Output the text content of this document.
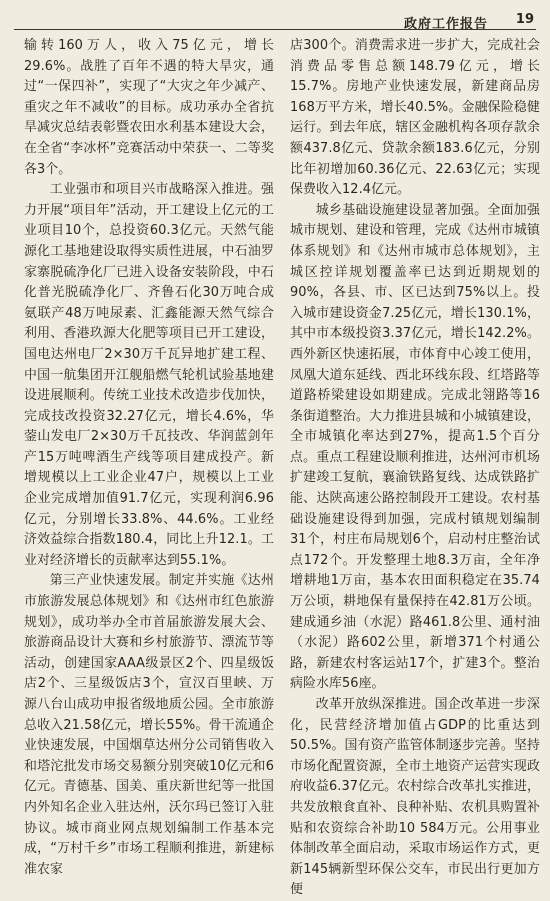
政府工作报告 19

输转160万人，收入75亿元，增长29.6%。战胜了百年不遇的特大旱灾，通过“一保四补”，实现了“大灾之年少减产、重灾之年不减收”的目标。成功承办全省抗旱减灾总结表彰暨农田水利基本建设大会，在全省“李冰杯”竞赛活动中荣获一、二等奖各3个。

工业强市和项目兴市战略深入推进。强力开展“项目年”活动，开工建设上亿元的工业项目10个，总投资60.3亿元。天然气能源化工基地建设取得实质性进展，中石油罗家寨脱硫净化厂已进入设备安装阶段，中石化普光脱硫净化厂、齐鲁石化30万吨合成氨联产48万吨尿素、汇鑫能源天然气综合利用、香港玖源大化肥等项目已开工建设，国电达州电厂2×30万千瓦异地扩建工程、中国一航集团开江舰船燃气轮机试验基地建设进展顺利。传统工业技术改造步伐加快，完成技改投资32.27亿元，增长4.6%，华蓥山发电厂2×30万千瓦技改、华润蓝剑年产15万吨啤酒生产线等项目建成投产。新增规模以上工业企业47户，规模以上工业企业完成增加值91.7亿元，实现利润6.96亿元，分别增长33.8%、44.6%。工业经济效益综合指数180.4，同比上升12.1。工业对经济增长的贡献率达到55.1%。

第三产业快速发展。制定并实施《达州市旅游发展总体规划》和《达州市红色旅游规划》，成功举办全市首届旅游发展大会、旅游商品设计大赛和乡村旅游节、漂流节等活动，创建国家AAA级景区2个、四星级饭店2个、三星级饭店3个，宣汉百里峡、万源八台山成功申报省级地质公园。全市旅游总收入21.58亿元，增长55%。骨干流通企业快速发展，中国烟草达州分公司销售收入和塔沱批发市场交易额分别突破10亿元和6亿元。青德基、国美、重庆新世纪等一批国内外知名企业入驻达州，沃尔玛已签订入驻协议。城市商业网点规划编制工作基本完成，“万村千乡”市场工程顺利推进，新建标准农家

店300个。消费需求进一步扩大，完成社会消费品零售总额148.79亿元，增长15.7%。房地产业快速发展，新建商品房168万平方米，增长40.5%。金融保险稳健运行。到去年底，辖区金融机构各项存款余额437.8亿元、贷款余额183.6亿元，分别比年初增加60.36亿元、22.63亿元；实现保费收入12.4亿元。

城乡基础设施建设显著加强。全面加强城市规划、建设和管理，完成《达州市城镇体系规划》和《达州市城市总体规划》，主城区控详规划覆盖率已达到近期规划的90%，各县、市、区已达到75%以上。投入城市建设资金7.25亿元，增长130.1%，其中市本级投资3.37亿元，增长142.2%。西外新区快速拓展，市体育中心竣工使用，凤凰大道东延线、西北环线东段、红塔路等道路桥梁建设如期建成。完成北翎路等16条街道整治。大力推进县城和小城镇建设，全市城镇化率达到27%，提高1.5个百分点。重点工程建设顺利推进，达州河市机场扩建竣工复航，襄渝铁路复线、达成铁路扩能、达陕高速公路控制段开工建设。农村基础设施建设得到加强，完成村镇规划编制31个，村庄布局规划6个，启动村庄整治试点172个。开发整理土地8.3万亩，全年净增耕地1万亩，基本农田面积稳定在35.74万公顷，耕地保有量保持在42.81万公顷。建成通乡油（水泥）路461.8公里、通村油（水泥）路602公里，新增371个村通公路，新建农村客运站17个，扩建3个。整治病险水库56座。

改革开放纵深推进。国企改革进一步深化，民营经济增加值占GDP的比重达到50.5%。国有资产监管体制逐步完善。坚持市场化配置资源，全市土地资产运营实现政府收益6.37亿元。农村综合改革扎实推进，共发放粮食直补、良种补贴、农机具购置补贴和农资综合补助10 584万元。公用事业体制改革全面启动，采取市场运作方式，更新145辆新型环保公交车，市民出行更加方便
